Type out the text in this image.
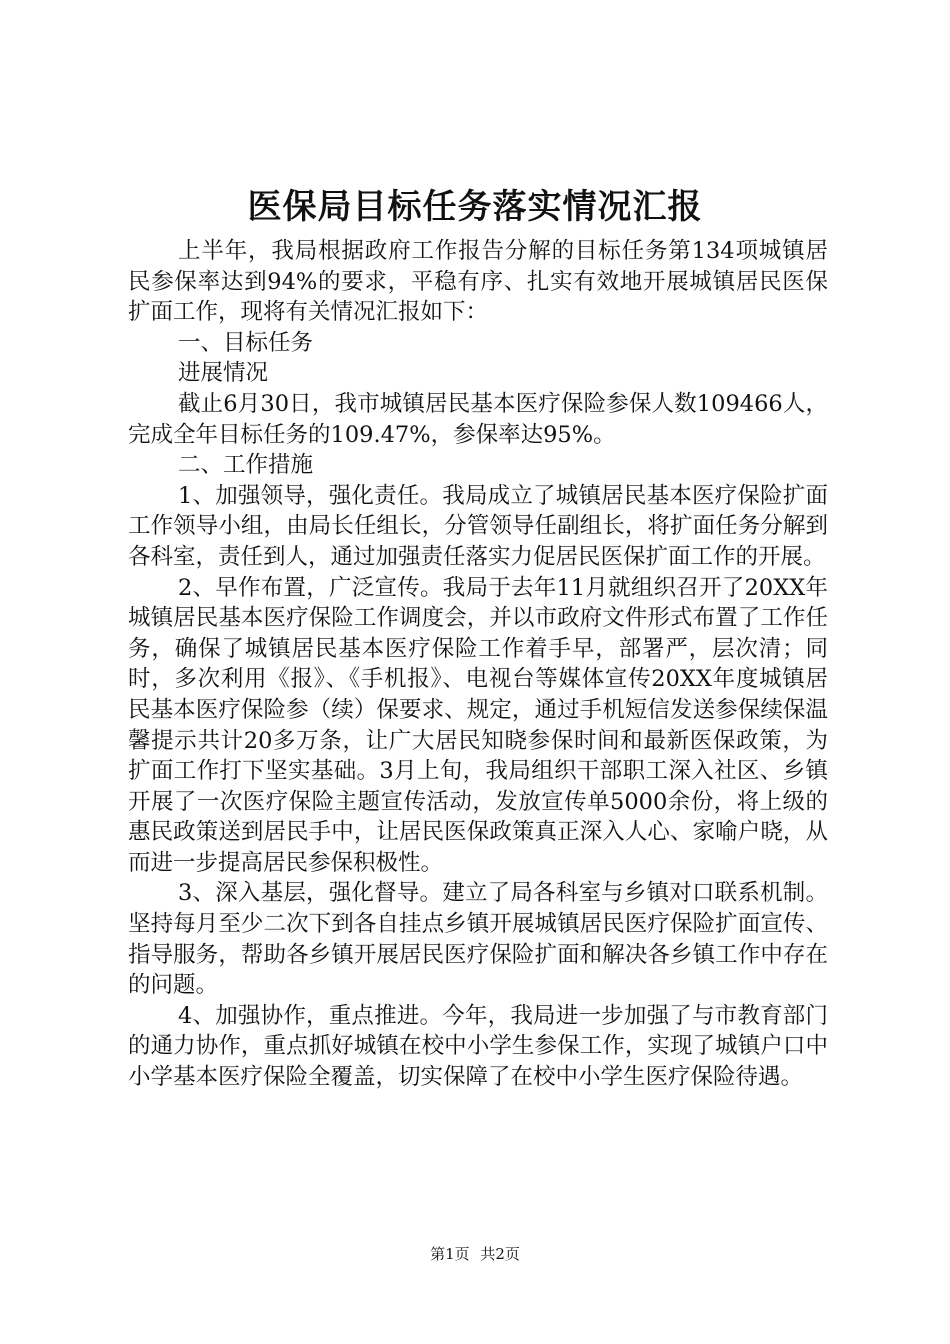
医保局目标任务落实情况汇报

上半年，我局根据政府工作报告分解的目标任务第134项城镇居民参保率达到94%的要求，平稳有序、扎实有效地开展城镇居民医保扩面工作，现将有关情况汇报如下：

一、目标任务

进展情况

截止6月30日，我市城镇居民基本医疗保险参保人数109466人，完成全年目标任务的109.47%，参保率达95%。

二、工作措施

1、加强领导，强化责任。我局成立了城镇居民基本医疗保险扩面工作领导小组，由局长任组长，分管领导任副组长，将扩面任务分解到各科室，责任到人，通过加强责任落实力促居民医保扩面工作的开展。

2、早作布置，广泛宣传。我局于去年11月就组织召开了20XX年城镇居民基本医疗保险工作调度会，并以市政府文件形式布置了工作任务，确保了城镇居民基本医疗保险工作着手早，部署严，层次清；同时，多次利用《报》、《手机报》、电视台等媒体宣传20XX年度城镇居民基本医疗保险参（续）保要求、规定，通过手机短信发送参保续保温馨提示共计20多万条，让广大居民知晓参保时间和最新医保政策，为扩面工作打下坚实基础。3月上旬，我局组织干部职工深入社区、乡镇开展了一次医疗保险主题宣传活动，发放宣传单5000余份，将上级的惠民政策送到居民手中，让居民医保政策真正深入人心、家喻户晓，从而进一步提高居民参保积极性。

3、深入基层，强化督导。建立了局各科室与乡镇对口联系机制。坚持每月至少二次下到各自挂点乡镇开展城镇居民医疗保险扩面宣传、指导服务，帮助各乡镇开展居民医疗保险扩面和解决各乡镇工作中存在的问题。

4、加强协作，重点推进。今年，我局进一步加强了与市教育部门的通力协作，重点抓好城镇在校中小学生参保工作，实现了城镇户口中小学基本医疗保险全覆盖，切实保障了在校中小学生医疗保险待遇。

第1页 共2页
